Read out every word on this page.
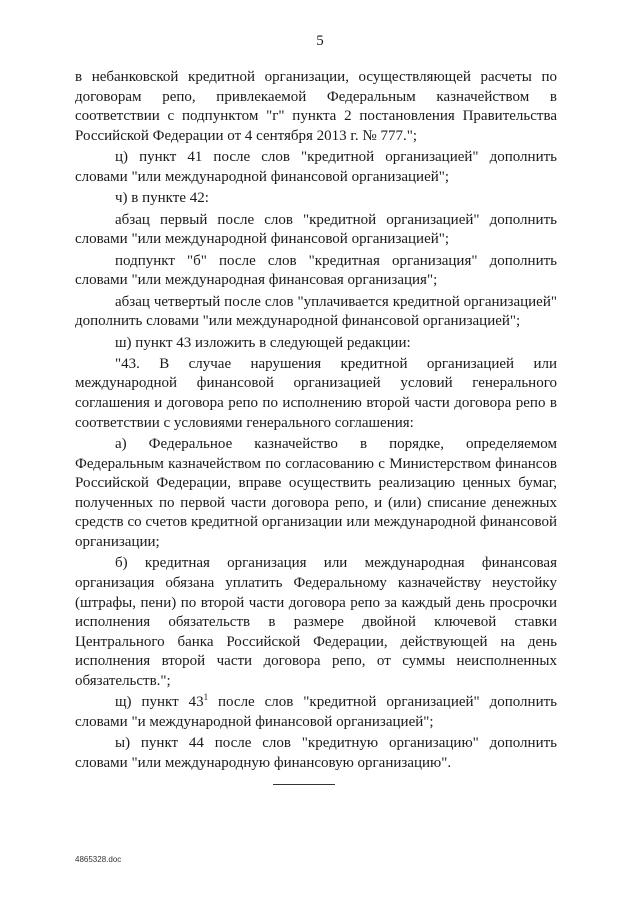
5

в небанковской кредитной организации, осуществляющей расчеты по договорам репо, привлекаемой Федеральным казначейством в соответствии с подпунктом "г" пункта 2 постановления Правительства Российской Федерации от 4 сентября 2013 г. № 777.";

ц) пункт 41 после слов "кредитной организацией" дополнить словами "или международной финансовой организацией";

ч) в пункте 42:

абзац первый после слов "кредитной организацией" дополнить словами "или международной финансовой организацией";

подпункт "б" после слов "кредитная организация" дополнить словами "или международная финансовая организация";

абзац четвертый после слов "уплачивается кредитной организацией" дополнить словами "или международной финансовой организацией";

ш) пункт 43 изложить в следующей редакции:

"43. В случае нарушения кредитной организацией или международной финансовой организацией условий генерального соглашения и договора репо по исполнению второй части договора репо в соответствии с условиями генерального соглашения:

а) Федеральное казначейство в порядке, определяемом Федеральным казначейством по согласованию с Министерством финансов Российской Федерации, вправе осуществить реализацию ценных бумаг, полученных по первой части договора репо, и (или) списание денежных средств со счетов кредитной организации или международной финансовой организации;

б) кредитная организация или международная финансовая организация обязана уплатить Федеральному казначейству неустойку (штрафы, пени) по второй части договора репо за каждый день просрочки исполнения обязательств в размере двойной ключевой ставки Центрального банка Российской Федерации, действующей на день исполнения второй части договора репо, от суммы неисполненных обязательств.";

щ) пункт $43^1$ после слов "кредитной организацией" дополнить словами "и международной финансовой организацией";

ы) пункт 44 после слов "кредитную организацию" дополнить словами "или международную финансовую организацию".

4865328.doc
